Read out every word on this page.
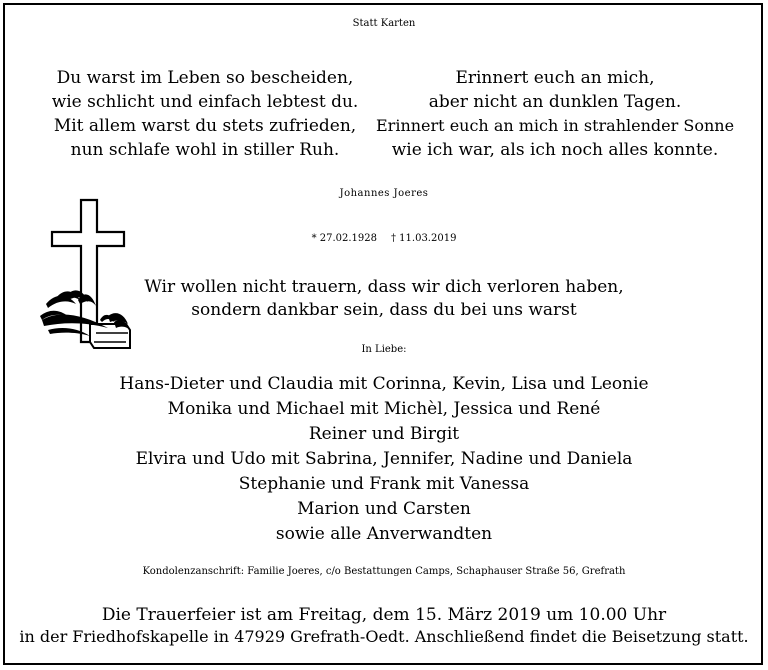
Statt Karten
Du warst im Leben so bescheiden,
wie schlicht und einfach lebtest du.
Mit allem warst du stets zufrieden,
nun schlafe wohl in stiller Ruh.
Erinnert euch an mich,
aber nicht an dunklen Tagen.
Erinnert euch an mich in strahlender Sonne
wie ich war, als ich noch alles konnte.
Johannes Joeres
* 27.02.1928 † 11.03.2019
Wir wollen nicht trauern, dass wir dich verloren haben,
sondern dankbar sein, dass du bei uns warst
In Liebe:
Hans-Dieter und Claudia mit Corinna, Kevin, Lisa und Leonie
Monika und Michael mit Michèl, Jessica und René
Reiner und Birgit
Elvira und Udo mit Sabrina, Jennifer, Nadine und Daniela
Stephanie und Frank mit Vanessa
Marion und Carsten
sowie alle Anverwandten
Kondolenzanschrift: Familie Joeres, c/o Bestattungen Camps, Schaphauser Straße 56, Grefrath
Die Trauerfeier ist am Freitag, dem 15. März 2019 um 10.00 Uhr
in der Friedhofskapelle in 47929 Grefrath-Oedt. Anschließend findet die Beisetzung statt.
